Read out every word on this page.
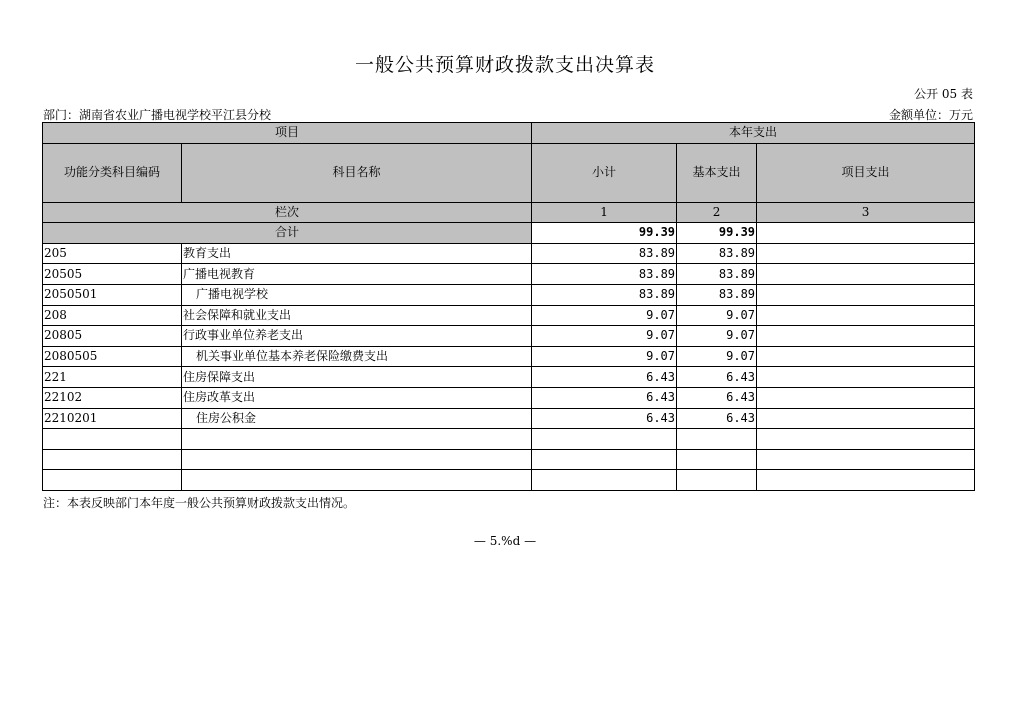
一般公共预算财政拨款支出决算表
公开 05 表
部门：湖南省农业广播电视学校平江县分校	金额单位：万元
项目		本年支出		
功能分类科目编码	科目名称	小计	基本支出	项目支出
栏次		1	2	3
合计		99.39	99.39	
205	教育支出	83.89	83.89	
20505	广播电视教育	83.89	83.89	
2050501	广播电视学校	83.89	83.89	
208	社会保障和就业支出	9.07	9.07	
20805	行政事业单位养老支出	9.07	9.07	
2080505	机关事业单位基本养老保险缴费支出	9.07	9.07	
221	住房保障支出	6.43	6.43	
22102	住房改革支出	6.43	6.43	
2210201	住房公积金	6.43	6.43	

注：本表反映部门本年度一般公共预算财政拨款支出情况。
— 5.%d —
